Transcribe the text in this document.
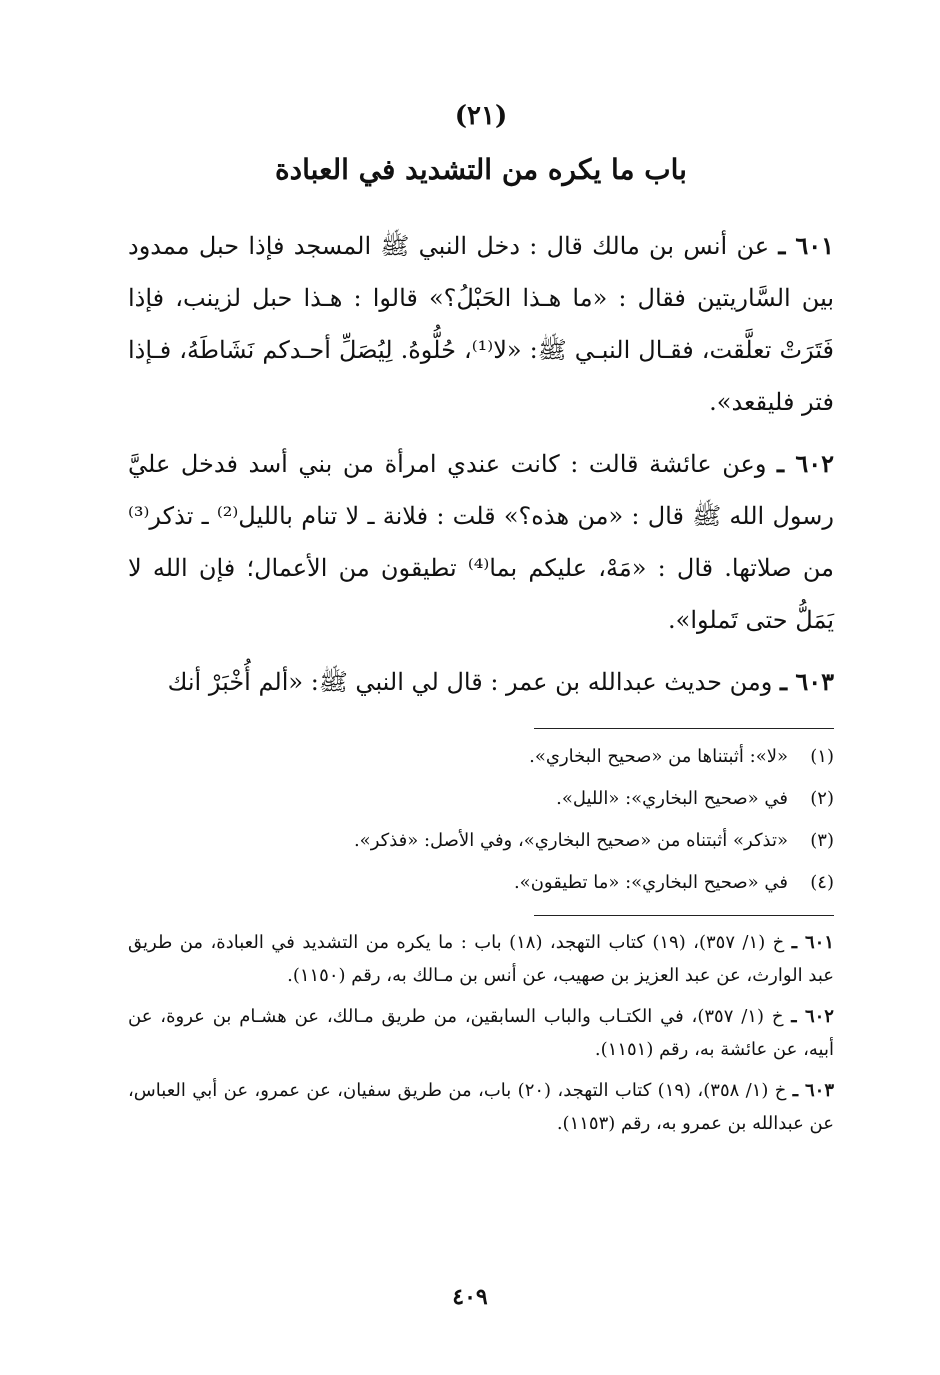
(٢١)
باب ما يكره من التشديد في العبادة

٦٠١ ـ عن أنس بن مالك قال : دخل النبي ﷺ المسجد فإذا حبل ممدود بين السَّاريتين فقال : «ما هـذا الحَبْلُ؟» قالوا : هـذا حبل لزينب، فإذا فَتَرَتْ تعلَّقت، فقـال النبـي ﷺ: «لا⁽¹⁾، حُلُّوهُ. لِيُصَلِّ أحـدكم نَشَاطَهُ، فـإذا فتر فليقعد».

٦٠٢ ـ وعن عائشة قالت : كانت عندي امرأة من بني أسد فدخل عليَّ رسول الله ﷺ قال : «من هذه؟» قلت : فلانة ـ لا تنام بالليل⁽²⁾ ـ تذكر⁽³⁾ من صلاتها. قال : «مَهْ، عليكم بما⁽⁴⁾ تطيقون من الأعمال؛ فإن الله لا يَمَلُّ حتى تَملوا».

٦٠٣ ـ ومن حديث عبدالله بن عمر : قال لي النبي ﷺ: «ألم أُخْبَرْ أنك

(١)
«لا»: أثبتناها من «صحيح البخاري».
(٢)
في «صحيح البخاري»: «الليل».
(٣)
«تذكر» أثبتناه من «صحيح البخاري»، وفي الأصل: «فذكر».
(٤)
في «صحيح البخاري»: «ما تطيقون».

٦٠١ ـ خ (١/ ٣٥٧)، (١٩) كتاب التهجد، (١٨) باب : ما يكره من التشديد في العبادة، من طريق عبد الوارث، عن عبد العزيز بن صهيب، عن أنس بن مـالك به، رقم (١١٥٠).

٦٠٢ ـ خ (١/ ٣٥٧)، في الكتـاب والباب السابقين، من طريق مـالك، عن هشـام بن عروة، عن أبيه، عن عائشة به، رقم (١١٥١).

٦٠٣ ـ خ (١/ ٣٥٨)، (١٩) كتاب التهجد، (٢٠) باب، من طريق سفيان، عن عمرو، عن أبي العباس، عن عبدالله بن عمرو به، رقم (١١٥٣).

٤٠٩
